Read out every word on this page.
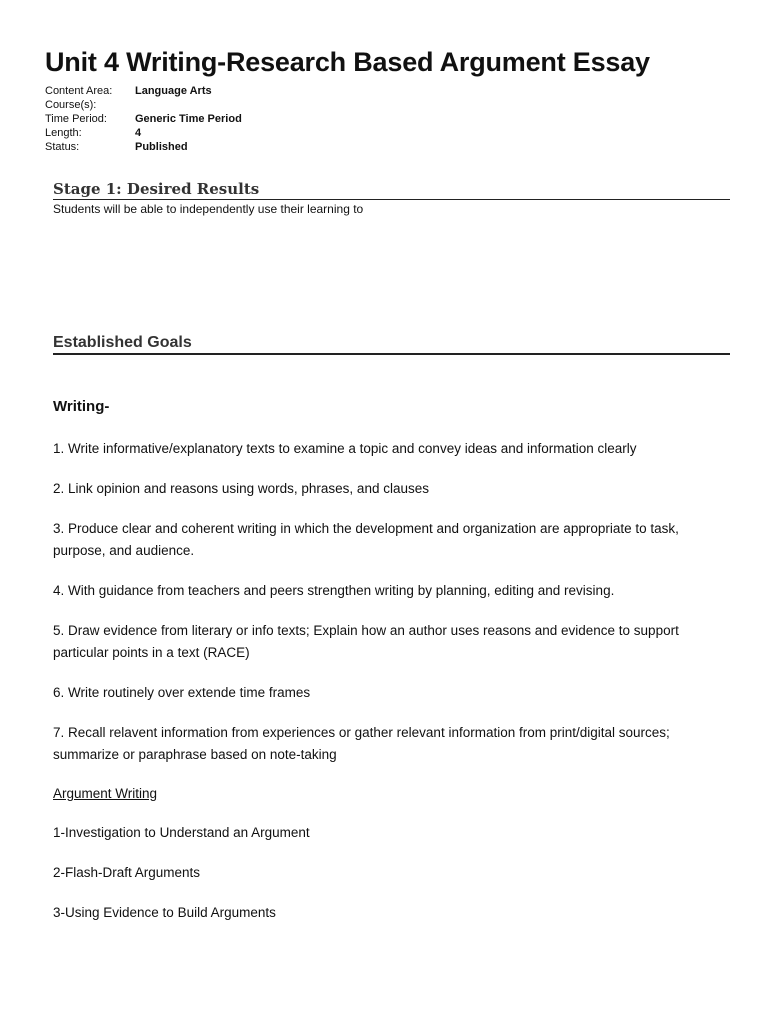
Unit 4 Writing-Research Based Argument Essay
Content Area:	Language Arts
Course(s):
Time Period:	Generic Time Period
Length:	4
Status:	Published
Stage 1: Desired Results
Students will be able to independently use their learning to
Established Goals
Writing-
1. Write informative/explanatory texts to examine a topic and convey ideas and information clearly
2. Link opinion and reasons using words, phrases, and clauses
3. Produce clear and coherent writing in which the development and organization are appropriate to task, purpose, and audience.
4. With guidance from teachers and peers strengthen writing by planning, editing and revising.
5. Draw evidence from literary or info texts; Explain how an author uses reasons and evidence to support particular points in a text (RACE)
6. Write routinely over extende time frames
7. Recall relavent information from experiences or gather relevant information from print/digital sources; summarize or paraphrase based on note-taking
Argument Writing
1-Investigation to Understand an Argument
2-Flash-Draft Arguments
3-Using Evidence to Build Arguments
